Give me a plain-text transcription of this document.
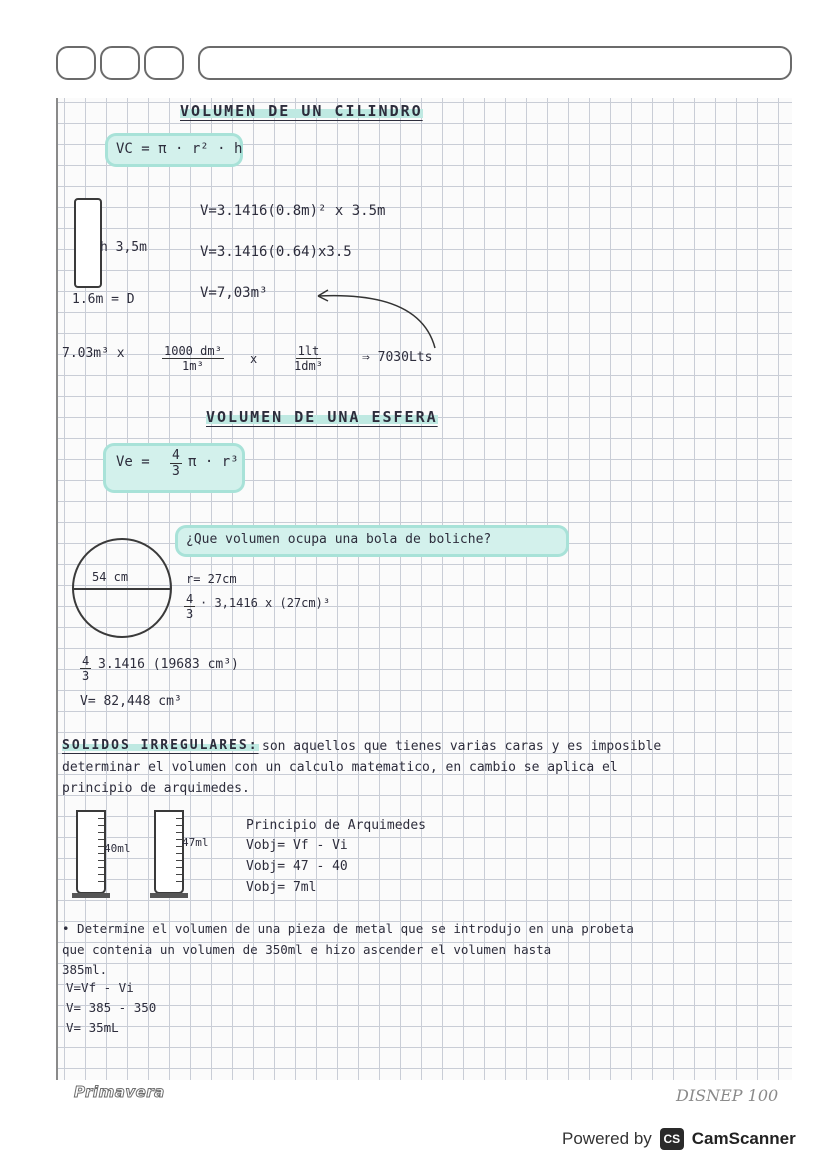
VOLUMEN DE UN CILINDRO
VC = π · r² · h
h 3,5m
1.6m = D
V=3.1416(0.8m)² x 3.5m
V=3.1416(0.64)x3.5
V=7,03m³
7.03m³ x	$\frac{\text{1000 dm³}}{\text{1m³}}$ x	$\frac{1lt}{\text{1dm³}}$	⇒ 7030Lts
VOLUMEN DE UNA ESFERA
$Ve = \frac{4}{3}$ π · r³
¿Que volumen ocupa una bola de boliche?
54 cm	r= 27cm
$\frac{4}{3} \cdot 3,1416$ x (27cm)³
$\frac{4}{3} 3.1416$ (19683 cm³)
V= 82,448 cm³
SOLIDOS IRREGULARES: son aquellos que tienes varias caras y es imposible
determinar el volumen con un calculo matematico, en cambio se aplica el
principio de arquimedes.
40ml	47ml
Principio de Arquimedes
Vobj= Vf - Vi
Vobj= 47 - 40
Vobj= 7ml
• Determine el volumen de una pieza de metal que se introdujo en una probeta
que contenia un volumen de 350ml e hizo ascender el volumen hasta
385ml.
V=Vf - Vi
V= 385 - 350
V= 35mL
Primavera	DISNEP 100
Powered by CS CamScanner
